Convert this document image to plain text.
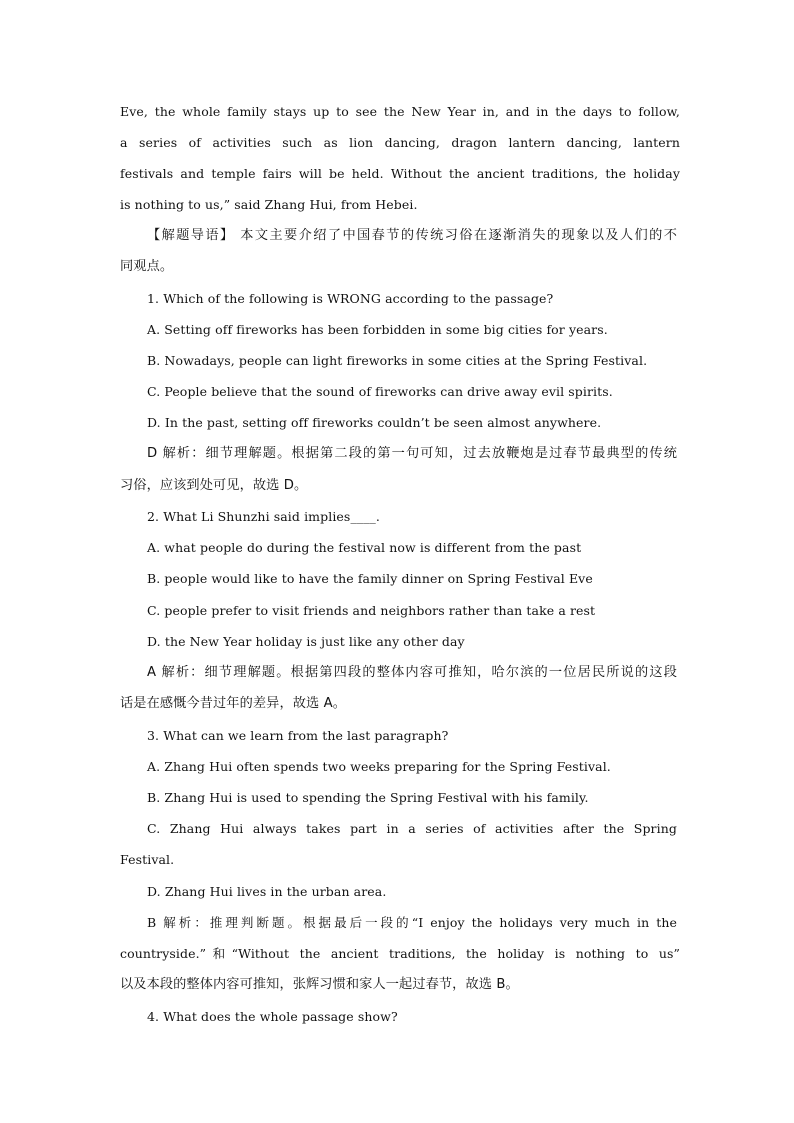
Eve, the whole family stays up to see the New Year in, and in the days to follow,
a series of activities such as lion dancing, dragon lantern dancing, lantern
festivals and temple fairs will be held. Without the ancient traditions, the holiday
is nothing to us,” said Zhang Hui, from Hebei.
【解题导语】 本文主要介绍了中国春节的传统习俗在逐渐消失的现象以及人们的不
同观点。
1. Which of the following is WRONG according to the passage?
A. Setting off fireworks has been forbidden in some big cities for years.
B. Nowadays, people can light fireworks in some cities at the Spring Festival.
C. People believe that the sound of fireworks can drive away evil spirits.
D. In the past, setting off fireworks couldn’t be seen almost anywhere.
D 解析：细节理解题。根据第二段的第一句可知，过去放鞭炮是过春节最典型的传统
习俗，应该到处可见，故选 D。
2. What Li Shunzhi said implies____.
A. what people do during the festival now is different from the past
B. people would like to have the family dinner on Spring Festival Eve
C. people prefer to visit friends and neighbors rather than take a rest
D. the New Year holiday is just like any other day
A 解析：细节理解题。根据第四段的整体内容可推知，哈尔滨的一位居民所说的这段
话是在感慨今昔过年的差异，故选 A。
3. What can we learn from the last paragraph?
A. Zhang Hui often spends two weeks preparing for the Spring Festival.
B. Zhang Hui is used to spending the Spring Festival with his family.
C. Zhang Hui always takes part in a series of activities after the Spring
Festival.
D. Zhang Hui lives in the urban area.
B 解析：推理判断题。根据最后一段的“I enjoy the holidays very much in the
countryside.”和“Without the ancient traditions, the holiday is nothing to us”
以及本段的整体内容可推知，张辉习惯和家人一起过春节，故选 B。
4. What does the whole passage show?
